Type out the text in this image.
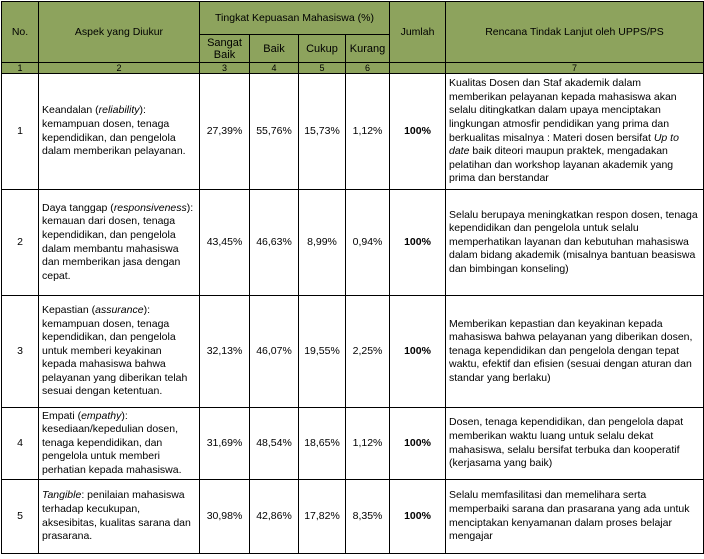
No.	Aspek yang Diukur	Tingkat Kepuasan Mahasiswa (%)				Jumlah	Rencana Tindak Lanjut oleh UPPS/PS
		Sangat Baik	Baik	Cukup	Kurang		
1	2	3	4	5	6		7
1	Keandalan (reliability): kemampuan dosen, tenaga kependidikan, dan pengelola dalam memberikan pelayanan.	27,39%	55,76%	15,73%	1,12%	100%	Kualitas Dosen dan Staf akademik dalam memberikan pelayanan kepada mahasiswa akan selalu ditingkatkan dalam upaya menciptakan lingkungan atmosfir pendidikan yang prima dan berkualitas misalnya : Materi dosen bersifat Up to date baik diteori maupun praktek, mengadakan pelatihan dan workshop layanan akademik yang prima dan berstandar
2	Daya tanggap (responsiveness): kemauan dari dosen, tenaga kependidikan, dan pengelola dalam membantu mahasiswa dan memberikan jasa dengan cepat.	43,45%	46,63%	8,99%	0,94%	100%	Selalu berupaya meningkatkan respon dosen, tenaga kependidikan dan pengelola untuk selalu memperhatikan layanan dan kebutuhan mahasiswa dalam bidang akademik (misalnya bantuan beasiswa dan bimbingan konseling)
3	Kepastian (assurance): kemampuan dosen, tenaga kependidikan, dan pengelola untuk memberi keyakinan kepada mahasiswa bahwa pelayanan yang diberikan telah sesuai dengan ketentuan.	32,13%	46,07%	19,55%	2,25%	100%	Memberikan kepastian dan keyakinan kepada mahasiswa bahwa pelayanan yang diberikan dosen, tenaga kependidikan dan pengelola dengan tepat waktu, efektif dan efisien (sesuai dengan aturan dan standar yang berlaku)
4	Empati (empathy): kesediaan/kepedulian dosen, tenaga kependidikan, dan pengelola untuk memberi perhatian kepada mahasiswa.	31,69%	48,54%	18,65%	1,12%	100%	Dosen, tenaga kependidikan, dan pengelola dapat memberikan waktu luang untuk selalu dekat mahasiswa, selalu bersifat terbuka dan kooperatif (kerjasama yang baik)
5	Tangible: penilaian mahasiswa terhadap kecukupan, aksesibitas, kualitas sarana dan prasarana.	30,98%	42,86%	17,82%	8,35%	100%	Selalu memfasilitasi dan memelihara serta memperbaiki sarana dan prasarana yang ada untuk menciptakan kenyamanan dalam proses belajar mengajar
